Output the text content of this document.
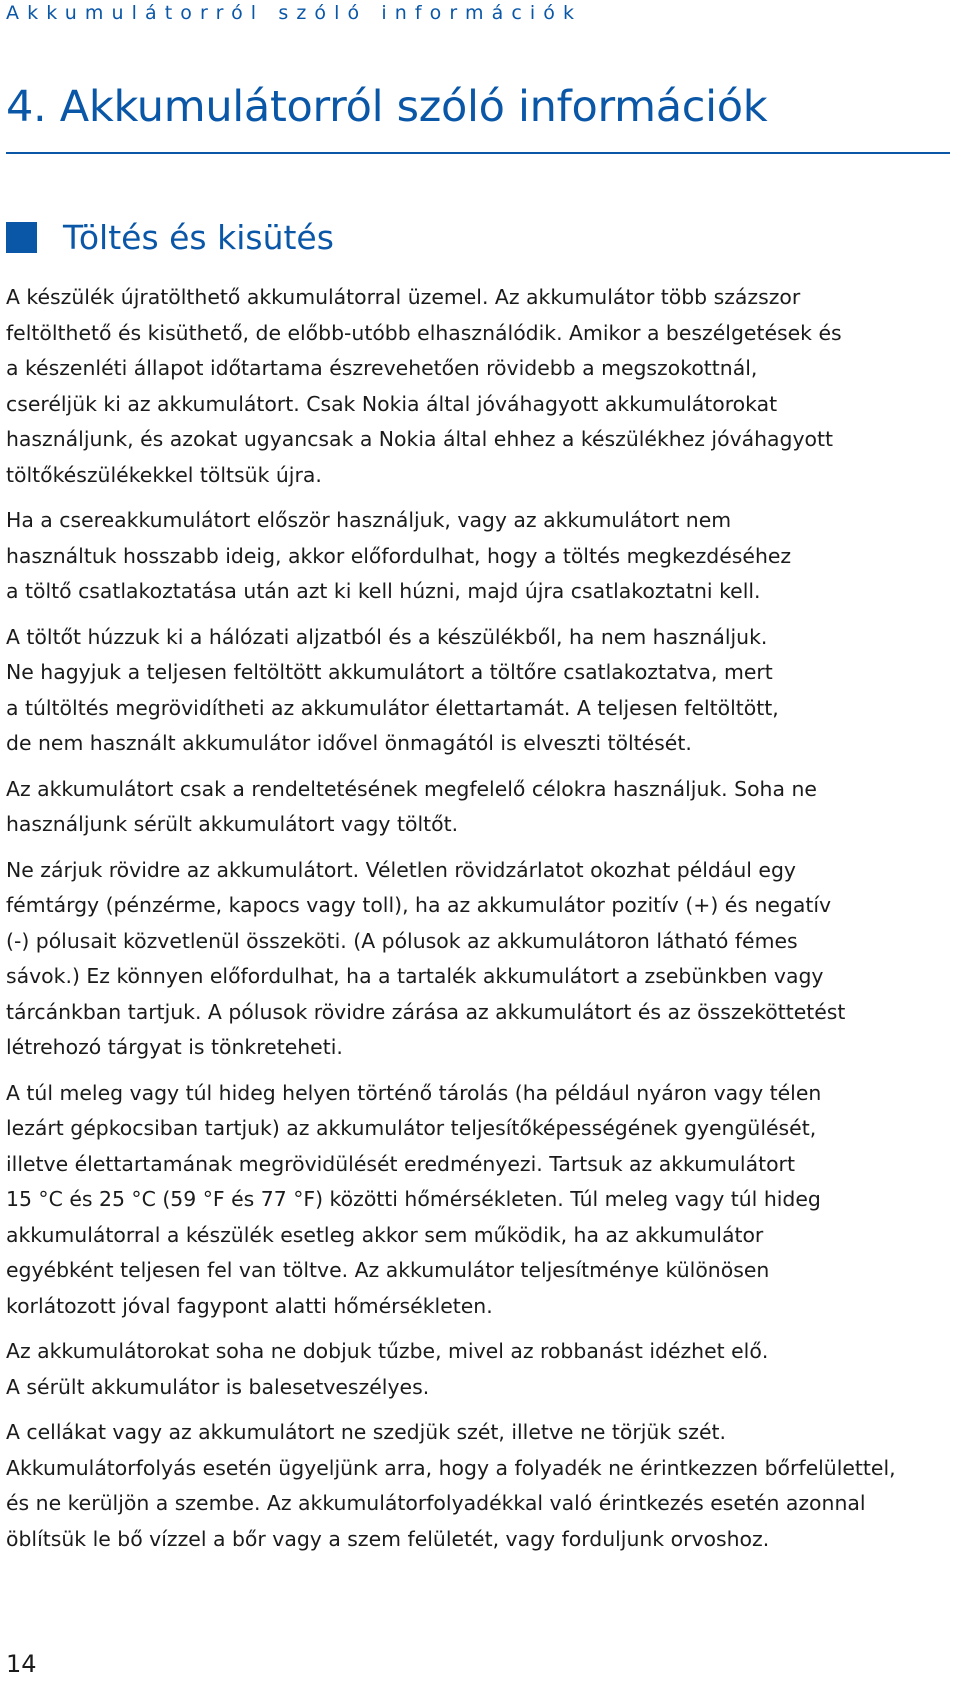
Akkumulátorról szóló információk
4. Akkumulátorról szóló információk
Töltés és kisütés
A készülék újratölthető akkumulátorral üzemel. Az akkumulátor több százszor
feltölthető és kisüthető, de előbb-utóbb elhasználódik. Amikor a beszélgetések és
a készenléti állapot időtartama észrevehetően rövidebb a megszokottnál,
cseréljük ki az akkumulátort. Csak Nokia által jóváhagyott akkumulátorokat
használjunk, és azokat ugyancsak a Nokia által ehhez a készülékhez jóváhagyott
töltőkészülékekkel töltsük újra.
Ha a csereakkumulátort először használjuk, vagy az akkumulátort nem
használtuk hosszabb ideig, akkor előfordulhat, hogy a töltés megkezdéséhez
a töltő csatlakoztatása után azt ki kell húzni, majd újra csatlakoztatni kell.
A töltőt húzzuk ki a hálózati aljzatból és a készülékből, ha nem használjuk.
Ne hagyjuk a teljesen feltöltött akkumulátort a töltőre csatlakoztatva, mert
a túltöltés megrövidítheti az akkumulátor élettartamát. A teljesen feltöltött,
de nem használt akkumulátor idővel önmagától is elveszti töltését.
Az akkumulátort csak a rendeltetésének megfelelő célokra használjuk. Soha ne
használjunk sérült akkumulátort vagy töltőt.
Ne zárjuk rövidre az akkumulátort. Véletlen rövidzárlatot okozhat például egy
fémtárgy (pénzérme, kapocs vagy toll), ha az akkumulátor pozitív (+) és negatív
(-) pólusait közvetlenül összeköti. (A pólusok az akkumulátoron látható fémes
sávok.) Ez könnyen előfordulhat, ha a tartalék akkumulátort a zsebünkben vagy
tárcánkban tartjuk. A pólusok rövidre zárása az akkumulátort és az összeköttetést
létrehozó tárgyat is tönkreteheti.
A túl meleg vagy túl hideg helyen történő tárolás (ha például nyáron vagy télen
lezárt gépkocsiban tartjuk) az akkumulátor teljesítőképességének gyengülését,
illetve élettartamának megrövidülését eredményezi. Tartsuk az akkumulátort
15 °C és 25 °C (59 °F és 77 °F) közötti hőmérsékleten. Túl meleg vagy túl hideg
akkumulátorral a készülék esetleg akkor sem működik, ha az akkumulátor
egyébként teljesen fel van töltve. Az akkumulátor teljesítménye különösen
korlátozott jóval fagypont alatti hőmérsékleten.
Az akkumulátorokat soha ne dobjuk tűzbe, mivel az robbanást idézhet elő.
A sérült akkumulátor is balesetveszélyes.
A cellákat vagy az akkumulátort ne szedjük szét, illetve ne törjük szét.
Akkumulátorfolyás esetén ügyeljünk arra, hogy a folyadék ne érintkezzen bőrfelülettel,
és ne kerüljön a szembe. Az akkumulátorfolyadékkal való érintkezés esetén azonnal
öblítsük le bő vízzel a bőr vagy a szem felületét, vagy forduljunk orvoshoz.
14
